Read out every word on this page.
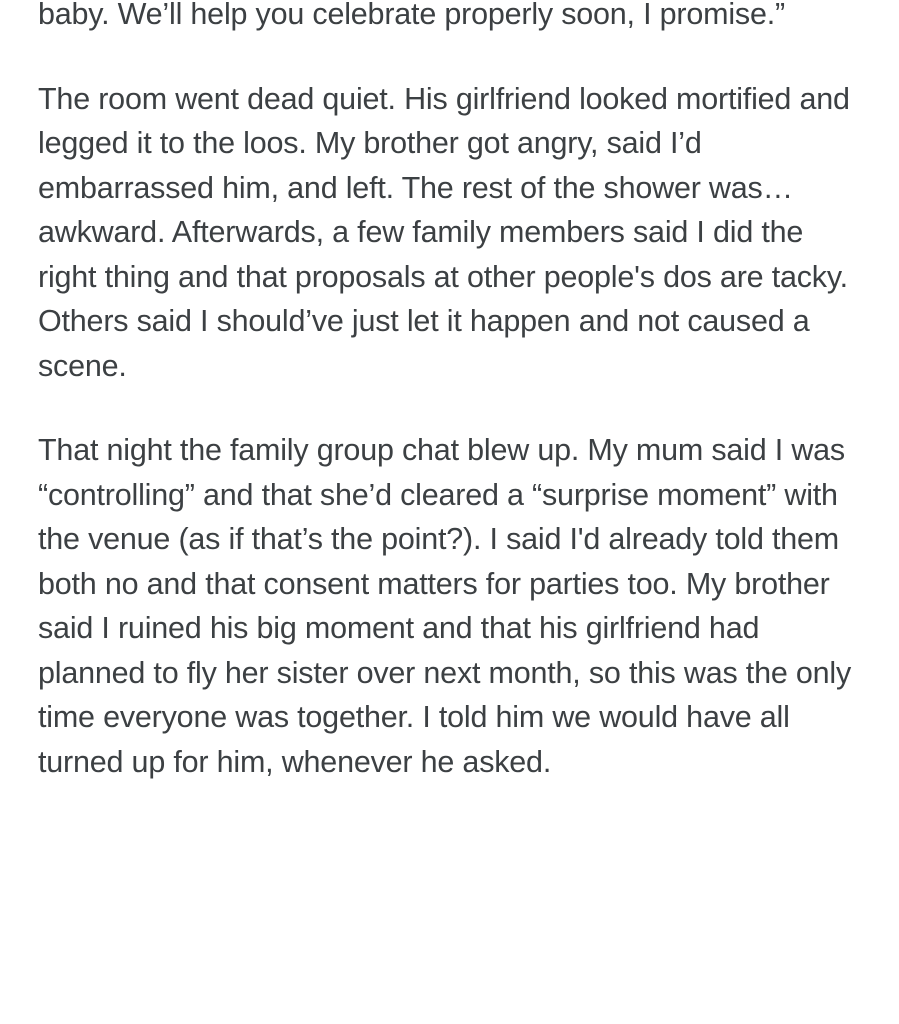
baby. We’ll help you celebrate properly soon, I promise.”

The room went dead quiet. His girlfriend looked mortified and legged it to the loos. My brother got angry, said I’d embarrassed him, and left. The rest of the shower was… awkward. Afterwards, a few family members said I did the right thing and that proposals at other people's dos are tacky. Others said I should’ve just let it happen and not caused a scene.

That night the family group chat blew up. My mum said I was “controlling” and that she’d cleared a “surprise moment” with the venue (as if that’s the point?). I said I'd already told them both no and that consent matters for parties too. My brother said I ruined his big moment and that his girlfriend had planned to fly her sister over next month, so this was the only time everyone was together. I told him we would have all turned up for him, whenever he asked.
